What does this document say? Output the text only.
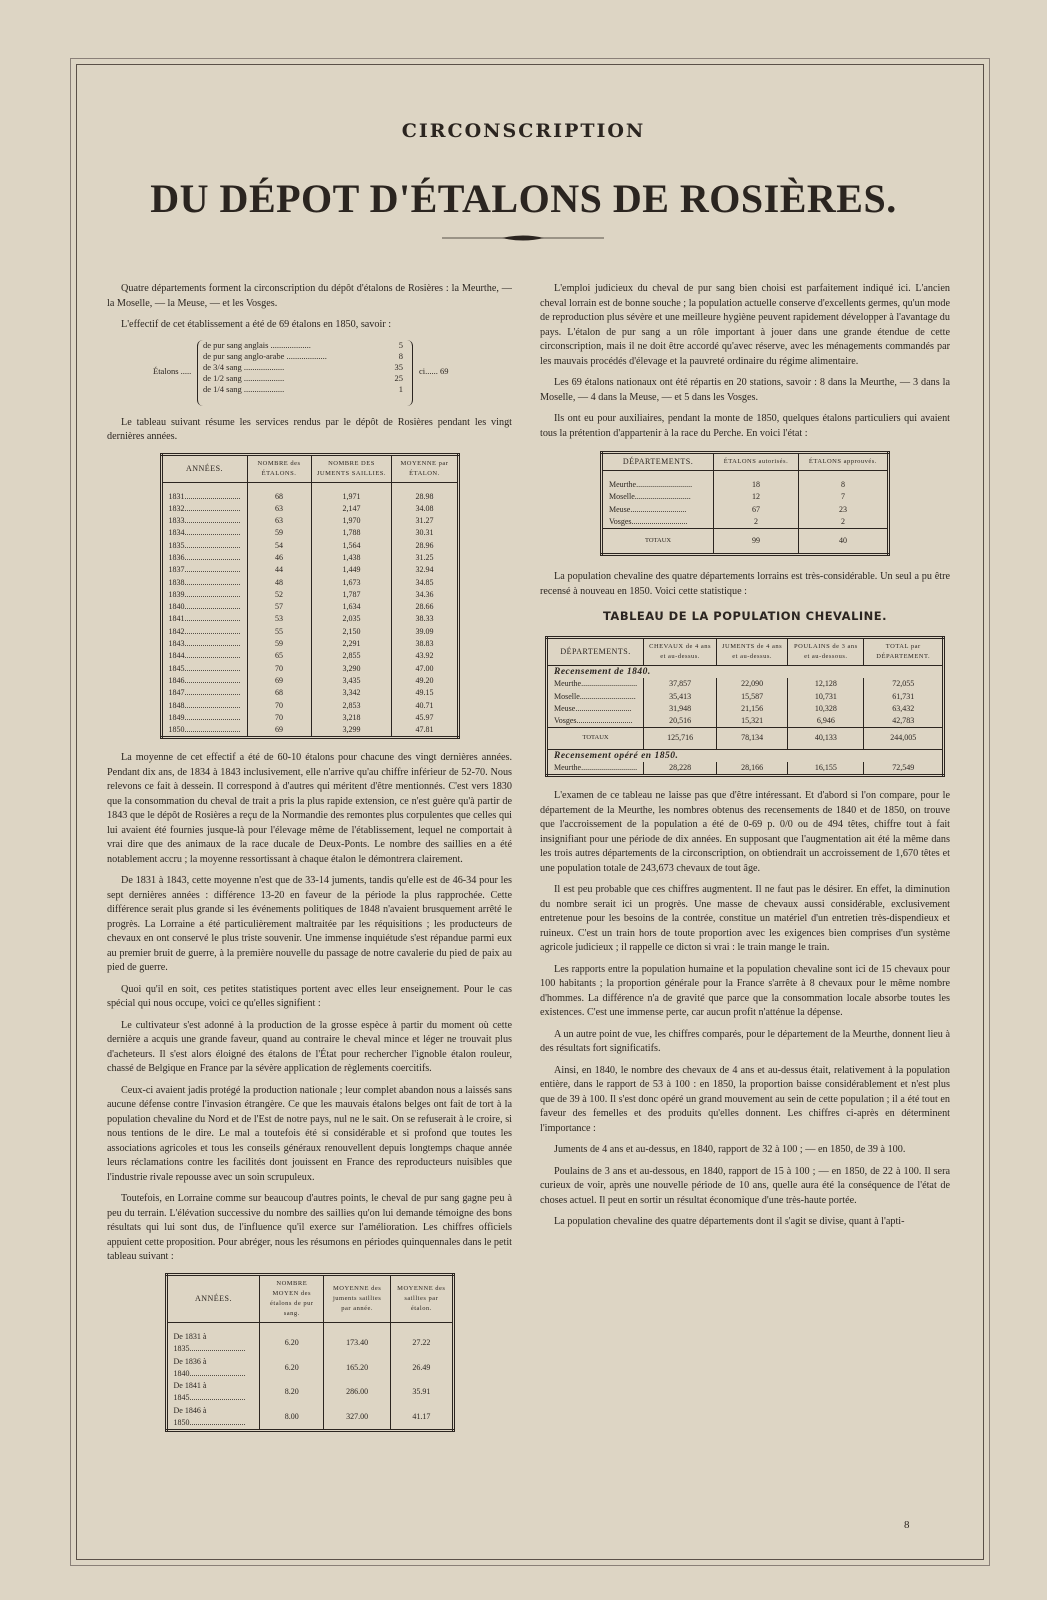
CIRCONSCRIPTION
DU DÉPOT D'ÉTALONS DE ROSIÈRES.

Quatre départements forment la circonscription du dépôt d'étalons de Rosières : la Meurthe, — la Moselle, — la Meuse, — et les Vosges.

L'effectif de cet établissement a été de 69 étalons en 1850, savoir :

Étalons .....
de pur sang anglais ...................	5
de pur sang anglo-arabe ...................	8
de 3/4 sang ...................	35
de 1/2 sang ...................	25
de 1/4 sang ...................	1
ci...... 69

Le tableau suivant résume les services rendus par le dépôt de Rosières pendant les vingt dernières années.

ANNÉES.	NOMBRE des ÉTALONS.	NOMBRE DES JUMENTS SAILLIES.	MOYENNE par ÉTALON.

1831 .....	68	1,971	28.98
1832 .....	63	2,147	34.08
1833 .....	63	1,970	31.27
1834 .....	59	1,788	30.31
1835 .....	54	1,564	28.96
1836 .....	46	1,438	31.25
1837 .....	44	1,449	32.94
1838 .....	48	1,673	34.85
1839 .....	52	1,787	34.36
1840 .....	57	1,634	28.66
1841 .....	53	2,035	38.33
1842 .....	55	2,150	39.09
1843 .....	59	2,291	38.83
1844 .....	65	2,855	43.92
1845 .....	70	3,290	47.00
1846 .....	69	3,435	49.20
1847 .....	68	3,342	49.15
1848 .....	70	2,853	40.71
1849 .....	70	3,218	45.97
1850 .....	69	3,299	47.81

La moyenne de cet effectif a été de 60-10 étalons pour chacune des vingt dernières années. Pendant dix ans, de 1834 à 1843 inclusivement, elle n'arrive qu'au chiffre inférieur de 52-70. Nous relevons ce fait à dessein. Il correspond à d'autres qui méritent d'être mentionnés. C'est vers 1830 que la consommation du cheval de trait a pris la plus rapide extension, ce n'est guère qu'à partir de 1843 que le dépôt de Rosières a reçu de la Normandie des remontes plus corpulentes que celles qui lui avaient été fournies jusque-là pour l'élevage même de l'établissement, lequel ne comportait à vrai dire que des animaux de la race ducale de Deux-Ponts. Le nombre des saillies en a été notablement accru ; la moyenne ressortissant à chaque étalon le démontrera clairement.

De 1831 à 1843, cette moyenne n'est que de 33-14 juments, tandis qu'elle est de 46-34 pour les sept dernières années : différence 13-20 en faveur de la période la plus rapprochée. Cette différence serait plus grande si les événements politiques de 1848 n'avaient brusquement arrêté le progrès. La Lorraine a été particulièrement maltraitée par les réquisitions ; les producteurs de chevaux en ont conservé le plus triste souvenir. Une immense inquiétude s'est répandue parmi eux au premier bruit de guerre, à la première nouvelle du passage de notre cavalerie du pied de paix au pied de guerre.

Quoi qu'il en soit, ces petites statistiques portent avec elles leur enseignement. Pour le cas spécial qui nous occupe, voici ce qu'elles signifient :

Le cultivateur s'est adonné à la production de la grosse espèce à partir du moment où cette dernière a acquis une grande faveur, quand au contraire le cheval mince et léger ne trouvait plus d'acheteurs. Il s'est alors éloigné des étalons de l'État pour rechercher l'ignoble étalon rouleur, chassé de Belgique en France par la sévère application de règlements coercitifs.

Ceux-ci avaient jadis protégé la production nationale ; leur complet abandon nous a laissés sans aucune défense contre l'invasion étrangère. Ce que les mauvais étalons belges ont fait de tort à la population chevaline du Nord et de l'Est de notre pays, nul ne le sait. On se refuserait à le croire, si nous tentions de le dire. Le mal a toutefois été si considérable et si profond que toutes les associations agricoles et tous les conseils généraux renouvellent depuis longtemps chaque année leurs réclamations contre les facilités dont jouissent en France des reproducteurs nuisibles que l'industrie rivale repousse avec un soin scrupuleux.

Toutefois, en Lorraine comme sur beaucoup d'autres points, le cheval de pur sang gagne peu à peu du terrain. L'élévation successive du nombre des saillies qu'on lui demande témoigne des bons résultats qui lui sont dus, de l'influence qu'il exerce sur l'amélioration. Les chiffres officiels appuient cette proposition. Pour abréger, nous les résumons en périodes quinquennales dans le petit tableau suivant :

ANNÉES.	NOMBRE MOYEN des étalons de pur sang.	MOYENNE des juments saillies par année.	MOYENNE des saillies par étalon.

De 1831 à 1835 .....	6.20	173.40	27.22
De 1836 à 1840 .....	6.20	165.20	26.49
De 1841 à 1845 .....	8.20	286.00	35.91
De 1846 à 1850 .....	8.00	327.00	41.17

L'emploi judicieux du cheval de pur sang bien choisi est parfaitement indiqué ici. L'ancien cheval lorrain est de bonne souche ; la population actuelle conserve d'excellents germes, qu'un mode de reproduction plus sévère et une meilleure hygiène peuvent rapidement développer à l'avantage du pays. L'étalon de pur sang a un rôle important à jouer dans une grande étendue de cette circonscription, mais il ne doit être accordé qu'avec réserve, avec les ménagements commandés par les mauvais procédés d'élevage et la pauvreté ordinaire du régime alimentaire.

Les 69 étalons nationaux ont été répartis en 20 stations, savoir : 8 dans la Meurthe, — 3 dans la Moselle, — 4 dans la Meuse, — et 5 dans les Vosges.

Ils ont eu pour auxiliaires, pendant la monte de 1850, quelques étalons particuliers qui avaient tous la prétention d'appartenir à la race du Perche. En voici l'état :

DÉPARTEMENTS.	ÉTALONS autorisés.	ÉTALONS approuvés.

Meurthe .....	18	8
Moselle .....	12	7
Meuse .....	67	23
Vosges .....	2	2
TOTAUX	99	40

La population chevaline des quatre départements lorrains est très-considérable. Un seul a pu être recensé à nouveau en 1850. Voici cette statistique :

TABLEAU DE LA POPULATION CHEVALINE.
DÉPARTEMENTS.	CHEVAUX de 4 ans et au-dessus.	JUMENTS de 4 ans et au-dessus.	POULAINS de 3 ans et au-dessous.	TOTAL par DÉPARTEMENT.
Recensement de 1840.				
Meurthe .....	37,857	22,090	12,128	72,055
Moselle .....	35,413	15,587	10,731	61,731
Meuse .....	31,948	21,156	10,328	63,432
Vosges .....	20,516	15,321	6,946	42,783
TOTAUX	125,716	78,134	40,133	244,005
Recensement opéré en 1850.				
Meurthe .....	28,228	28,166	16,155	72,549

L'examen de ce tableau ne laisse pas que d'être intéressant. Et d'abord si l'on compare, pour le département de la Meurthe, les nombres obtenus des recensements de 1840 et de 1850, on trouve que l'accroissement de la population a été de 0-69 p. 0/0 ou de 494 têtes, chiffre tout à fait insignifiant pour une période de dix années. En supposant que l'augmentation ait été la même dans les trois autres départements de la circonscription, on obtiendrait un accroissement de 1,670 têtes et une population totale de 243,673 chevaux de tout âge.

Il est peu probable que ces chiffres augmentent. Il ne faut pas le désirer. En effet, la diminution du nombre serait ici un progrès. Une masse de chevaux aussi considérable, exclusivement entretenue pour les besoins de la contrée, constitue un matériel d'un entretien très-dispendieux et ruineux. C'est un train hors de toute proportion avec les exigences bien comprises d'un système agricole judicieux ; il rappelle ce dicton si vrai : le train mange le train.

Les rapports entre la population humaine et la population chevaline sont ici de 15 chevaux pour 100 habitants ; la proportion générale pour la France s'arrête à 8 chevaux pour le même nombre d'hommes. La différence n'a de gravité que parce que la consommation locale absorbe toutes les existences. C'est une immense perte, car aucun profit n'atténue la dépense.

A un autre point de vue, les chiffres comparés, pour le département de la Meurthe, donnent lieu à des résultats fort significatifs.

Ainsi, en 1840, le nombre des chevaux de 4 ans et au-dessus était, relativement à la population entière, dans le rapport de 53 à 100 : en 1850, la proportion baisse considérablement et n'est plus que de 39 à 100. Il s'est donc opéré un grand mouvement au sein de cette population ; il a été tout en faveur des femelles et des produits qu'elles donnent. Les chiffres ci-après en déterminent l'importance :

Juments de 4 ans et au-dessus, en 1840, rapport de 32 à 100 ; — en 1850, de 39 à 100.

Poulains de 3 ans et au-dessous, en 1840, rapport de 15 à 100 ; — en 1850, de 22 à 100. Il sera curieux de voir, après une nouvelle période de 10 ans, quelle aura été la conséquence de l'état de choses actuel. Il peut en sortir un résultat économique d'une très-haute portée.

La population chevaline des quatre départements dont il s'agit se divise, quant à l'apti-

8
